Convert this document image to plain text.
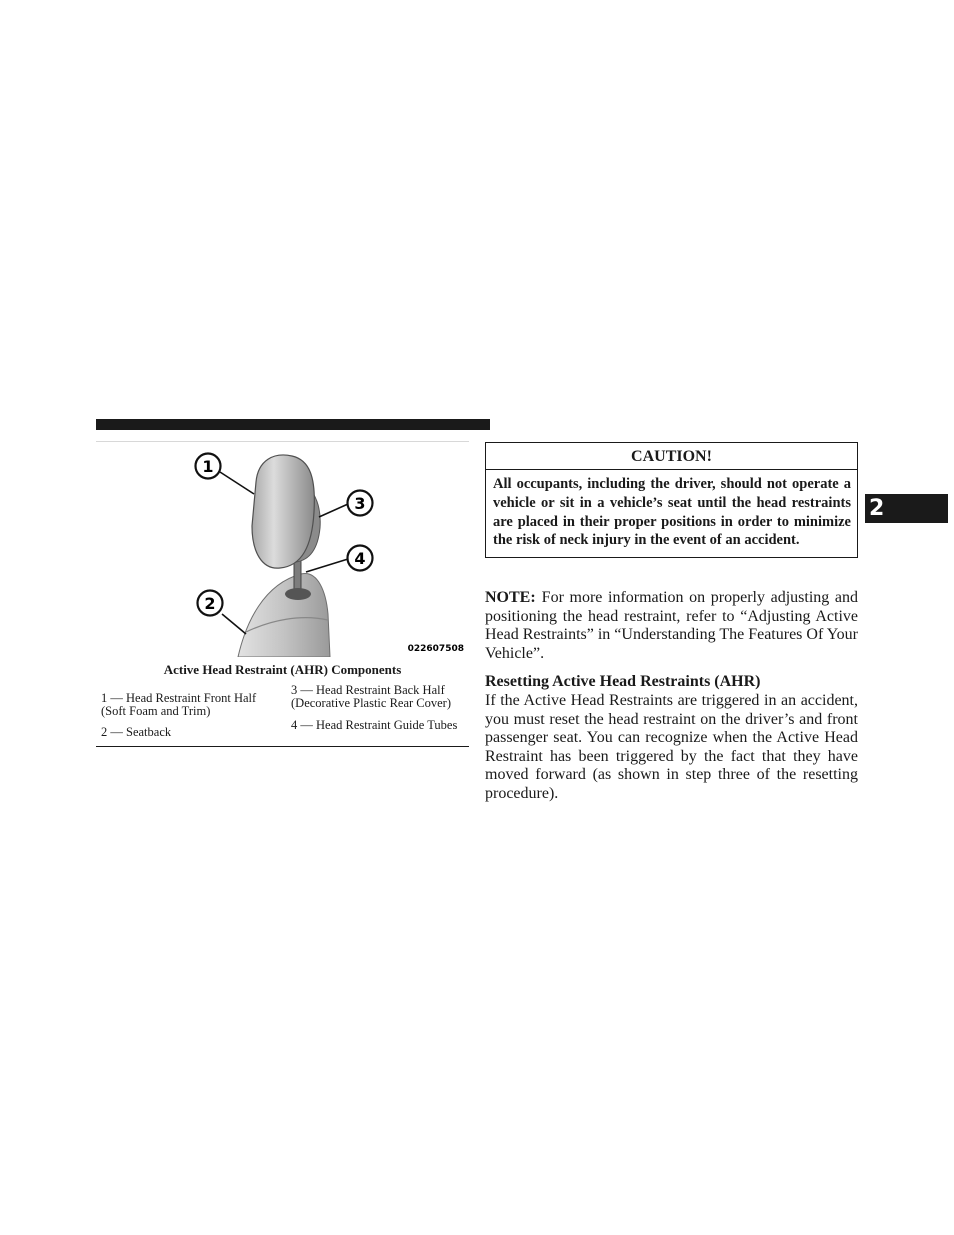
1
2
3
4
022607508
Active Head Restraint (AHR) Components
1 — Head Restraint Front Half (Soft Foam and Trim)
3 — Head Restraint Back Half (Decorative Plastic Rear Cover)
2 — Seatback	4 — Head Restraint Guide Tubes
CAUTION!
All occupants, including the driver, should not operate a vehicle or sit in a vehicle’s seat until the head restraints are placed in their proper positions in order to minimize the risk of neck injury in the event of an accident.
NOTE: For more information on properly adjusting and positioning the head restraint, refer to “Adjusting Active Head Restraints” in “Understanding The Features Of Your Vehicle”.
Resetting Active Head Restraints (AHR)
If the Active Head Restraints are triggered in an accident, you must reset the head restraint on the driver’s and front passenger seat. You can recognize when the Active Head Restraint has been triggered by the fact that they have moved forward (as shown in step three of the resetting procedure).
2
